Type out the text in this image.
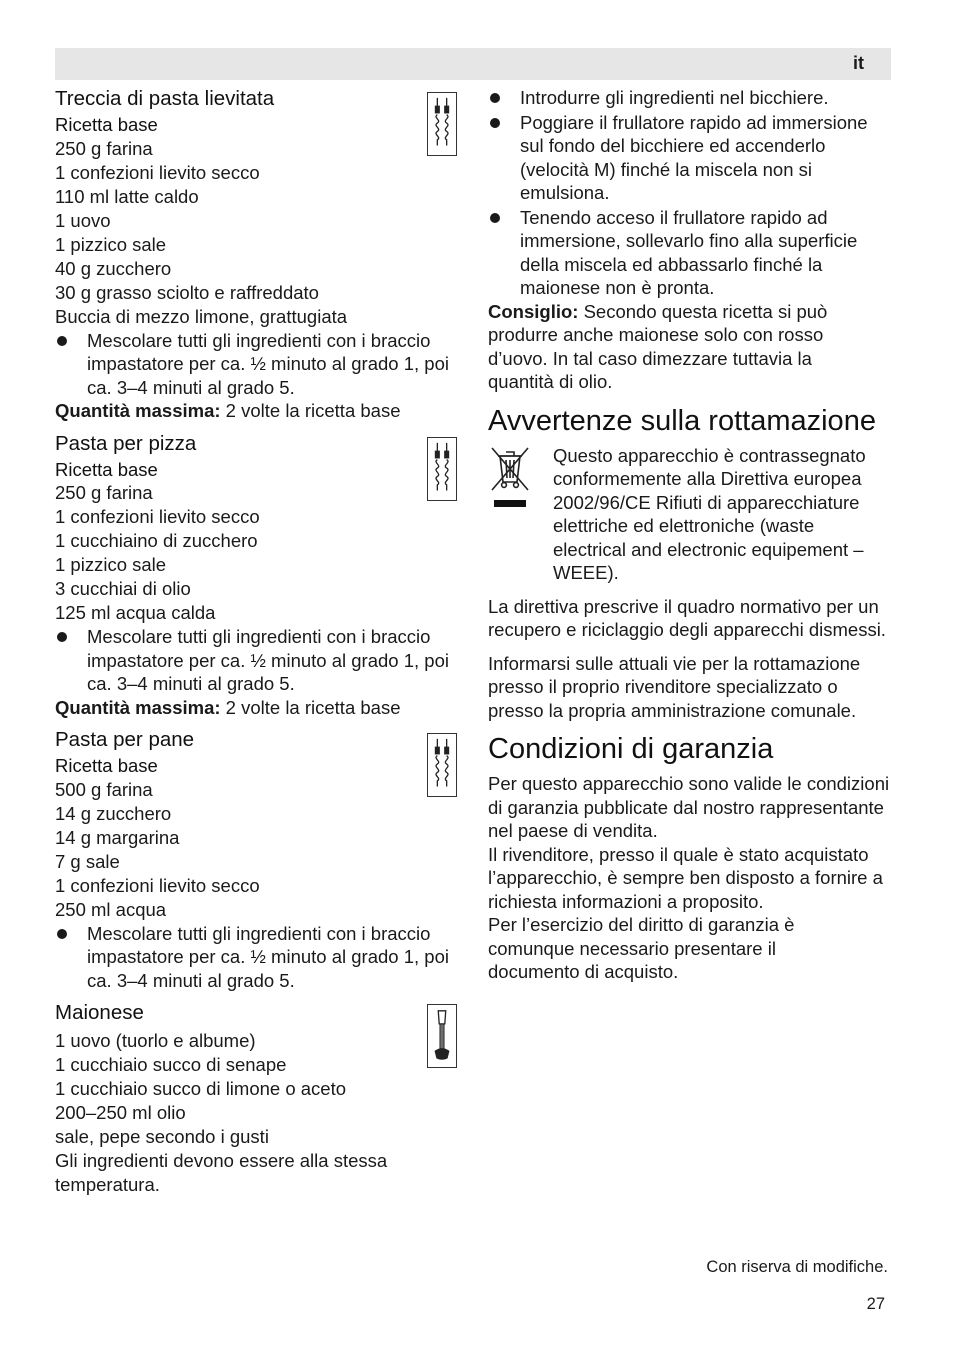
it
Treccia di pasta lievitata
Ricetta base
250 g farina
1 confezioni lievito secco
110 ml latte caldo
1 uovo
1 pizzico sale
40 g zucchero
30 g grasso sciolto e raffreddato
Buccia di mezzo limone, grattugiata
Mescolare tutti gli ingredienti con i braccio impastatore per ca. ½ minuto al grado 1, poi ca. 3–4 minuti al grado 5.
Quantità massima: 2 volte la ricetta base
Pasta per pizza
Ricetta base
250 g farina
1 confezioni lievito secco
1 cucchiaino di zucchero
1 pizzico sale
3 cucchiai di olio
125 ml acqua calda
Mescolare tutti gli ingredienti con i braccio impastatore per ca. ½ minuto al grado 1, poi ca. 3–4 minuti al grado 5.
Quantità massima: 2 volte la ricetta base
Pasta per pane
Ricetta base
500 g farina
14 g zucchero
14 g margarina
7 g sale
1 confezioni lievito secco
250 ml acqua
Mescolare tutti gli ingredienti con i braccio impastatore per ca. ½ minuto al grado 1, poi ca. 3–4 minuti al grado 5.
Maionese
1 uovo (tuorlo e albume)
1 cucchiaio succo di senape
1 cucchiaio succo di limone o aceto
200–250 ml olio
sale, pepe secondo i gusti
Gli ingredienti devono essere alla stessa temperatura.
Introdurre gli ingredienti nel bicchiere.
Poggiare il frullatore rapido ad immersione sul fondo del bicchiere ed accenderlo (velocità M) finché la miscela non si emulsiona.
Tenendo acceso il frullatore rapido ad immersione, sollevarlo fino alla superficie della miscela ed abbassarlo finché la maionese non è pronta.
Consiglio: Secondo questa ricetta si può produrre anche maionese solo con rosso d’uovo. In tal caso dimezzare tuttavia la quantità di olio.
Avvertenze sulla rottamazione
Questo apparecchio è contrassegnato conformemente alla Direttiva europea 2002/96/CE Rifiuti di apparecchiature elettriche ed elettroniche (waste electrical and electronic equipement – WEEE).
La direttiva prescrive il quadro normativo per un recupero e riciclaggio degli apparecchi dismessi.
Informarsi sulle attuali vie per la rottamazione presso il proprio rivenditore specializzato o presso la propria amministrazione comunale.
Condizioni di garanzia
Per questo apparecchio sono valide le condizioni di garanzia pubblicate dal nostro rappresentante nel paese di vendita.
Il rivenditore, presso il quale è stato acquistato l’apparecchio, è sempre ben disposto a fornire a richiesta informazioni a proposito.
Per l’esercizio del diritto di garanzia è comunque necessario presentare il documento di acquisto.
Con riserva di modifiche.
27
